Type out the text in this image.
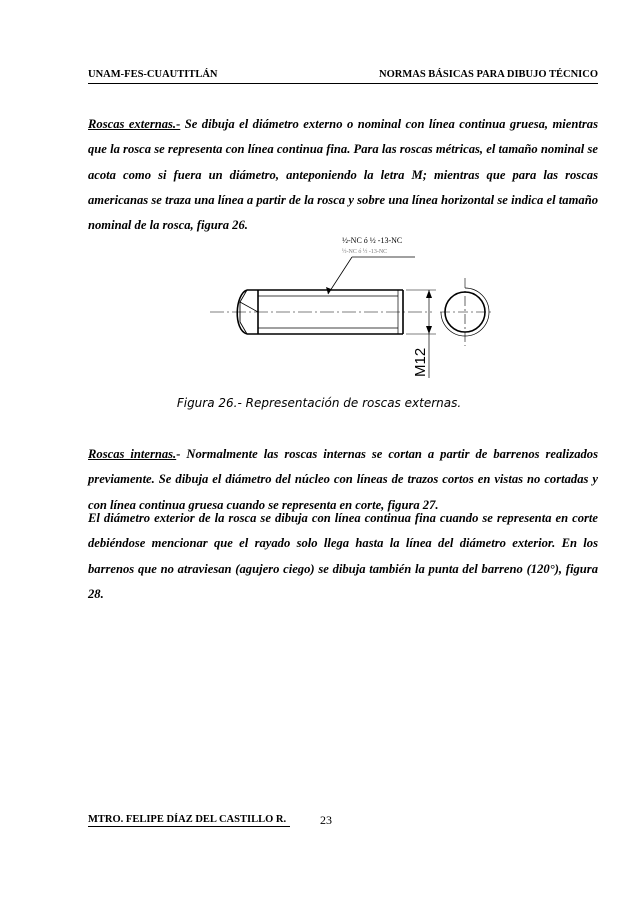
UNAM-FES-CUAUTITLÁN	NORMAS BÁSICAS PARA DIBUJO TÉCNICO
Roscas externas.- Se dibuja el diámetro externo o nominal con línea continua gruesa, mientras que la rosca se representa con línea continua fina. Para las roscas métricas, el tamaño nominal se acota como si fuera un diámetro, anteponiendo la letra M; mientras que para las roscas americanas se traza una línea a partir de la rosca y sobre una línea horizontal se indica el tamaño nominal de la rosca, figura 26.
½-NC ó ½ -13-NC
½-NC ó ½ -13-NC
M12
Figura 26.- Representación de roscas externas.
Roscas internas.- Normalmente las roscas internas se cortan a partir de barrenos realizados previamente. Se dibuja el diámetro del núcleo con líneas de trazos cortos en vistas no cortadas y con línea continua gruesa cuando se representa en corte, figura 27.
El diámetro exterior de la rosca se dibuja con línea continua fina cuando se representa en corte debiéndose mencionar que el rayado solo llega hasta la línea del diámetro exterior. En los barrenos que no atraviesan (agujero ciego) se dibuja también la punta del barreno (120°), figura 28.
MTRO. FELIPE DÍAZ DEL CASTILLO R.	23
